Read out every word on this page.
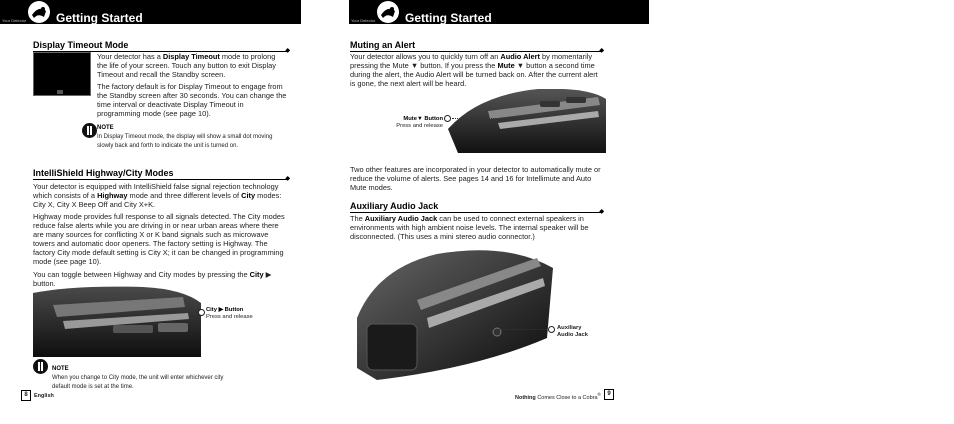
Your Detector Getting Started
Display Timeout Mode
◆

Your detector has a Display Timeout mode to prolong the life of your screen. Touch any button to exit Display Timeout and recall the Standby screen.

The factory default is for Display Timeout to engage from the Standby screen after 30 seconds. You can change the time interval or deactivate Display Timeout in programming mode (see page 10).

NOTE
In Display Timeout mode, the display will show a small dot moving slowly back and forth to indicate the unit is turned on.
IntelliShield Highway/City Modes
◆

Your detector is equipped with IntelliShield false signal rejection technology which consists of a Highway mode and three different levels of City modes: City X, City X Beep Off and City X+K.

Highway mode provides full response to all signals detected. The City modes reduce false alerts while you are driving in or near urban areas where there are many sources for conflicting X or K band signals such as microwave towers and automatic door openers. The factory setting is Highway. The factory City mode default setting is City X; it can be changed in programming mode (see page 10).

You can toggle between Highway and City modes by pressing the City ▶ button.

City ▶ Button
Press and release
NOTE
When you change to City mode, the unit will enter whichever city default mode is set at the time.
8	English
Your Detector Getting Started
Muting an Alert
◆

Your detector allows you to quickly turn off an Audio Alert by momentarily pressing the Mute ▼ button. If you press the Mute ▼ button a second time during the alert, the Audio Alert will be turned back on. After the current alert is gone, the next alert will be heard.

Mute▼ Button
Press and release

Two other features are incorporated in your detector to automatically mute or reduce the volume of alerts. See pages 14 and 16 for Intellimute and Auto Mute modes.

Auxiliary Audio Jack
◆

The Auxiliary Audio Jack can be used to connect external speakers in environments with high ambient noise levels. The internal speaker will be disconnected. (This uses a mini stereo audio connector.)

Auxiliary
Audio Jack
Nothing Comes Close to a Cobra®	9
